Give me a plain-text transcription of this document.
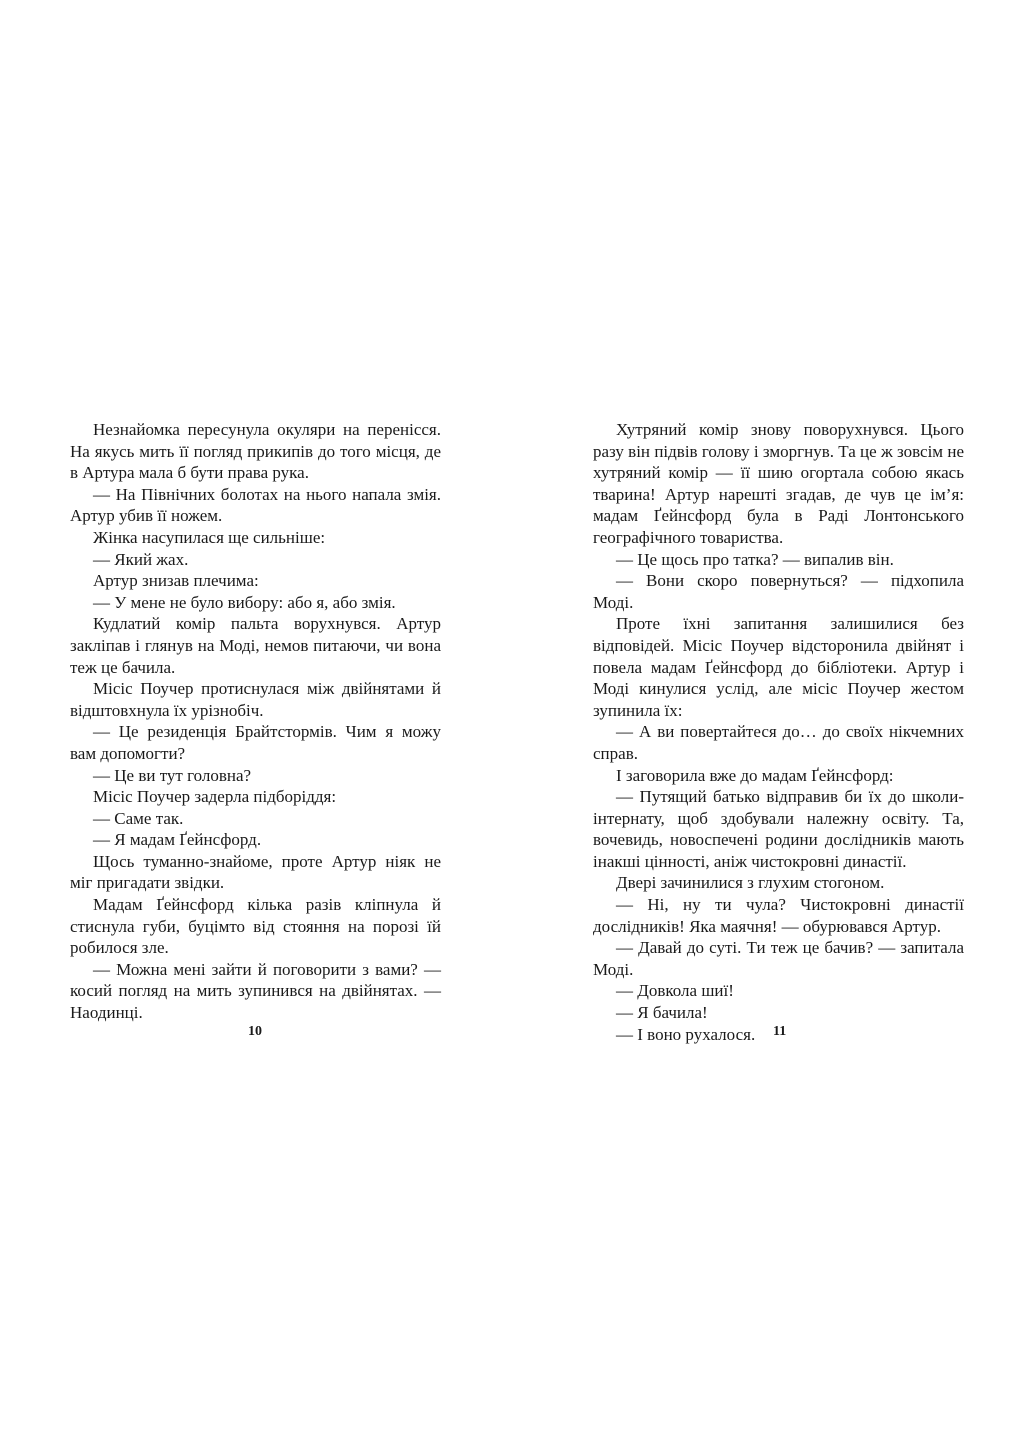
Незнайомка пересунула окуляри на перенісся. На якусь мить її погляд прикипів до того місця, де в Артура мала б бути права рука.

— На Північних болотах на нього напала змія. Артур убив її ножем.

Жінка насупилася ще сильніше:

— Який жах.

Артур знизав плечима:

— У мене не було вибору: або я, або змія.

Кудлатий комір пальта ворухнувся. Артур закліпав і глянув на Моді, немов питаючи, чи вона теж це бачила.

Місіс Поучер протиснулася між двійнятами й відштовхнула їх урізнобіч.

— Це резиденція Брайтстормів. Чим я можу вам допомогти?

— Це ви тут головна?

Місіс Поучер задерла підборіддя:

— Саме так.

— Я мадам Ґейнсфорд.

Щось туманно-знайоме, проте Артур ніяк не міг пригадати звідки.

Мадам Ґейнсфорд кілька разів кліпнула й стиснула губи, буцімто від стояння на порозі їй робилося зле.

— Можна мені зайти й поговорити з вами? — косий погляд на мить зупинився на двійнятах. — Наодинці.

Хутряний комір знову поворухнувся. Цього разу він підвів голову і зморгнув. Та це ж зовсім не хутряний комір — її шию огортала собою якась тварина! Артур нарешті згадав, де чув це ім’я: мадам Ґейнсфорд була в Раді Лонтонського географічного товариства.

— Це щось про татка? — випалив він.

— Вони скоро повернуться? — підхопила Моді.

Проте їхні запитання залишилися без відповідей. Місіс Поучер відсторонила двійнят і повела мадам Ґейнсфорд до бібліотеки. Артур і Моді кинулися услід, але місіс Поучер жестом зупинила їх:

— А ви повертайтеся до… до своїх нікчемних справ.

І заговорила вже до мадам Ґейнсфорд:

— Путящий батько відправив би їх до школи-інтернату, щоб здобували належну освіту. Та, вочевидь, новоспечені родини дослідників мають інакші цінності, аніж чистокровні династії.

Двері зачинилися з глухим стогоном.

— Ні, ну ти чула? Чистокровні династії дослідників! Яка маячня! — обурювався Артур.

— Давай до суті. Ти теж це бачив? — запитала Моді.

— Довкола шиї!

— Я бачила!

— І воно рухалося.

10	11
